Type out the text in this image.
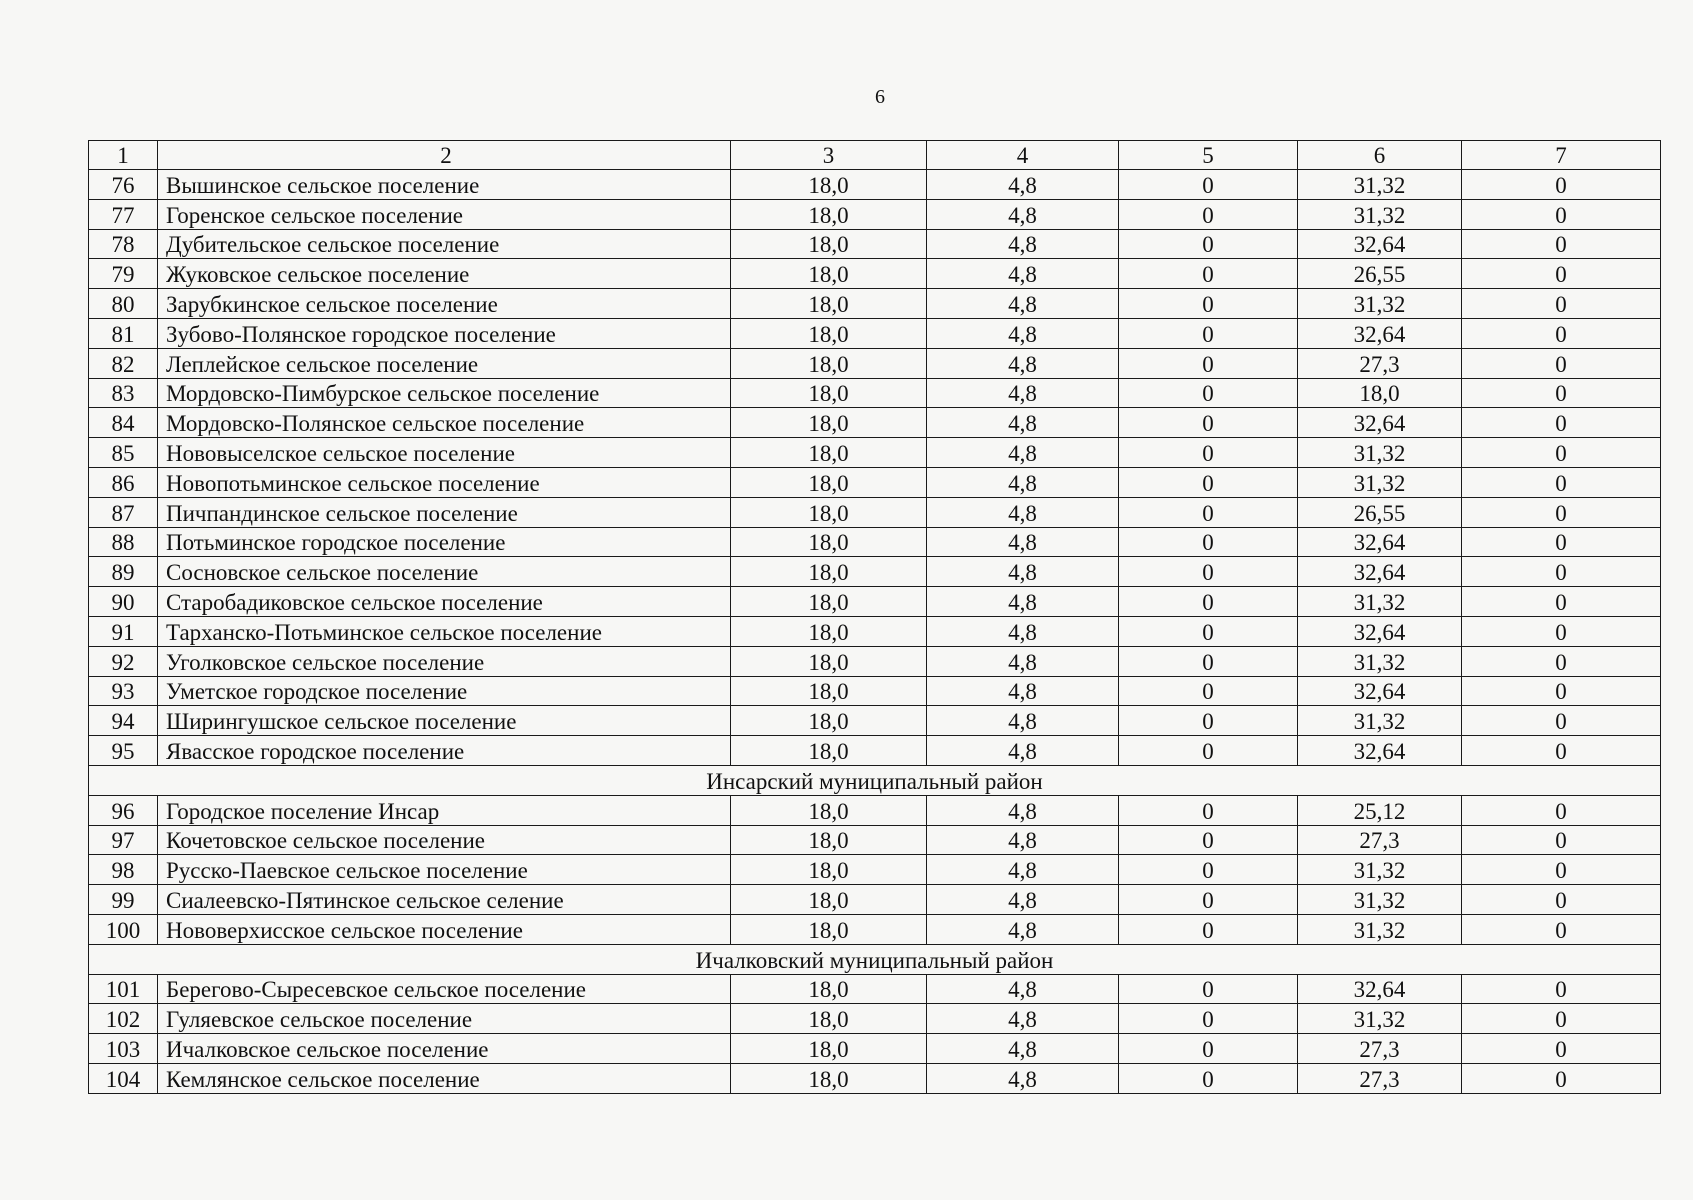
6
1	2	3	4	5	6	7
76	Вышинское сельское поселение	18,0	4,8	0	31,32	0
77	Горенское сельское поселение	18,0	4,8	0	31,32	0
78	Дубительское сельское поселение	18,0	4,8	0	32,64	0
79	Жуковское сельское поселение	18,0	4,8	0	26,55	0
80	Зарубкинское сельское поселение	18,0	4,8	0	31,32	0
81	Зубово-Полянское городское поселение	18,0	4,8	0	32,64	0
82	Леплейское сельское поселение	18,0	4,8	0	27,3	0
83	Мордовско-Пимбурское сельское поселение	18,0	4,8	0	18,0	0
84	Мордовско-Полянское сельское поселение	18,0	4,8	0	32,64	0
85	Нововыселское сельское поселение	18,0	4,8	0	31,32	0
86	Новопотьминское сельское поселение	18,0	4,8	0	31,32	0
87	Пичпандинское сельское поселение	18,0	4,8	0	26,55	0
88	Потьминское городское поселение	18,0	4,8	0	32,64	0
89	Сосновское сельское поселение	18,0	4,8	0	32,64	0
90	Старобадиковское сельское поселение	18,0	4,8	0	31,32	0
91	Тарханско-Потьминское сельское поселение	18,0	4,8	0	32,64	0
92	Уголковское сельское поселение	18,0	4,8	0	31,32	0
93	Уметское городское поселение	18,0	4,8	0	32,64	0
94	Ширингушское сельское поселение	18,0	4,8	0	31,32	0
95	Явасское городское поселение	18,0	4,8	0	32,64	0
Инсарский муниципальный район						
96	Городское поселение Инсар	18,0	4,8	0	25,12	0
97	Кочетовское сельское поселение	18,0	4,8	0	27,3	0
98	Русско-Паевское сельское поселение	18,0	4,8	0	31,32	0
99	Сиалеевско-Пятинское сельское селение	18,0	4,8	0	31,32	0
100	Нововерхисское сельское поселение	18,0	4,8	0	31,32	0
Ичалковский муниципальный район						
101	Берегово-Сыресевское сельское поселение	18,0	4,8	0	32,64	0
102	Гуляевское сельское поселение	18,0	4,8	0	31,32	0
103	Ичалковское сельское поселение	18,0	4,8	0	27,3	0
104	Кемлянское сельское поселение	18,0	4,8	0	27,3	0
